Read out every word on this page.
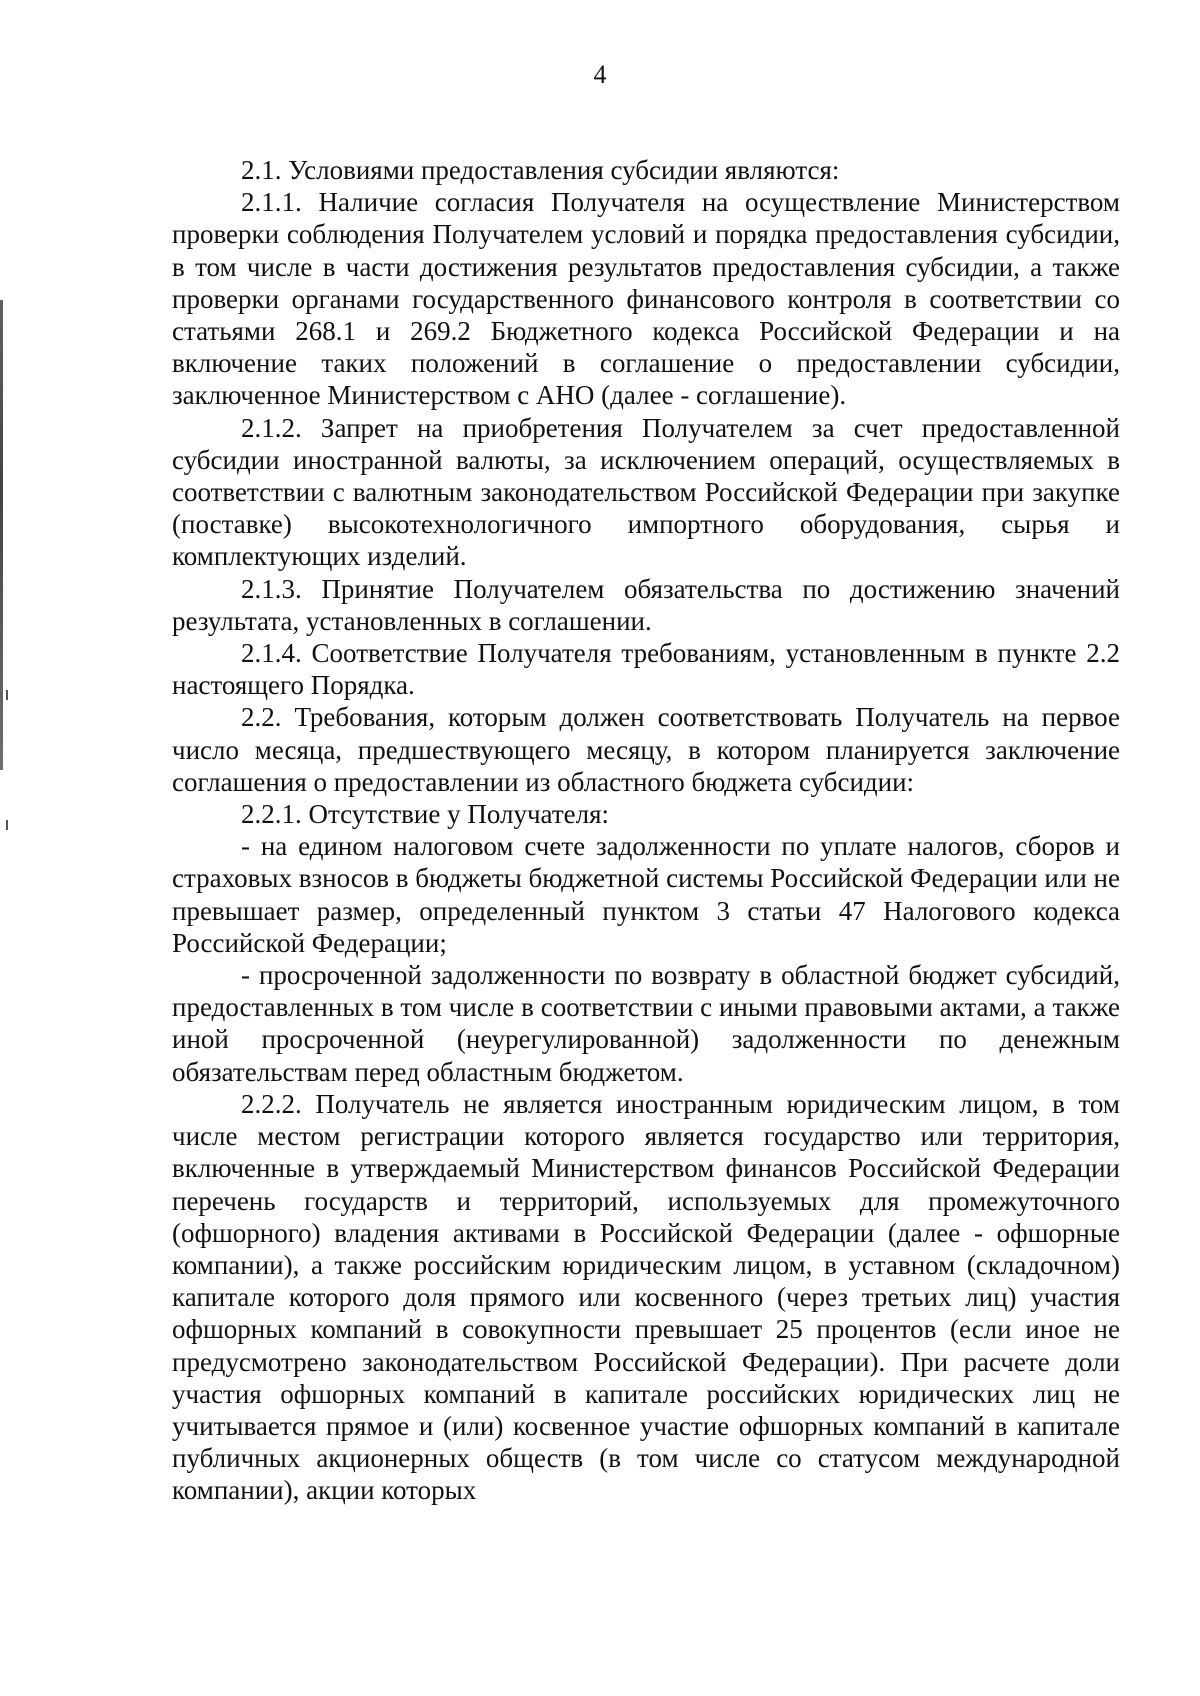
4

2.1. Условиями предоставления субсидии являются:

2.1.1. Наличие согласия Получателя на осуществление Министерством проверки соблюдения Получателем условий и порядка предоставления субсидии, в том числе в части достижения результатов предоставления субсидии, а также проверки органами государственного финансового контроля в соответствии со статьями 268.1 и 269.2 Бюджетного кодекса Российской Федерации и на включение таких положений в соглашение о предоставлении субсидии, заключенное Министерством с АНО (далее - соглашение).

2.1.2. Запрет на приобретения Получателем за счет предоставленной субсидии иностранной валюты, за исключением операций, осуществляемых в соответствии с валютным законодательством Российской Федерации при закупке (поставке) высокотехнологичного импортного оборудования, сырья и комплектующих изделий.

2.1.3. Принятие Получателем обязательства по достижению значений результата, установленных в соглашении.

2.1.4. Соответствие Получателя требованиям, установленным в пункте 2.2 настоящего Порядка.

2.2. Требования, которым должен соответствовать Получатель на первое число месяца, предшествующего месяцу, в котором планируется заключение соглашения о предоставлении из областного бюджета субсидии:

2.2.1. Отсутствие у Получателя:

- на едином налоговом счете задолженности по уплате налогов, сборов и страховых взносов в бюджеты бюджетной системы Российской Федерации или не превышает размер, определенный пунктом 3 статьи 47 Налогового кодекса Российской Федерации;

- просроченной задолженности по возврату в областной бюджет субсидий, предоставленных в том числе в соответствии с иными правовыми актами, а также иной просроченной (неурегулированной) задолженности по денежным обязательствам перед областным бюджетом.

2.2.2. Получатель не является иностранным юридическим лицом, в том числе местом регистрации которого является государство или территория, включенные в утверждаемый Министерством финансов Российской Федерации перечень государств и территорий, используемых для промежуточного (офшорного) владения активами в Российской Федерации (далее - офшорные компании), а также российским юридическим лицом, в уставном (складочном) капитале которого доля прямого или косвенного (через третьих лиц) участия офшорных компаний в совокупности превышает 25 процентов (если иное не предусмотрено законодательством Российской Федерации). При расчете доли участия офшорных компаний в капитале российских юридических лиц не учитывается прямое и (или) косвенное участие офшорных компаний в капитале публичных акционерных обществ (в том числе со статусом международной компании), акции которых
